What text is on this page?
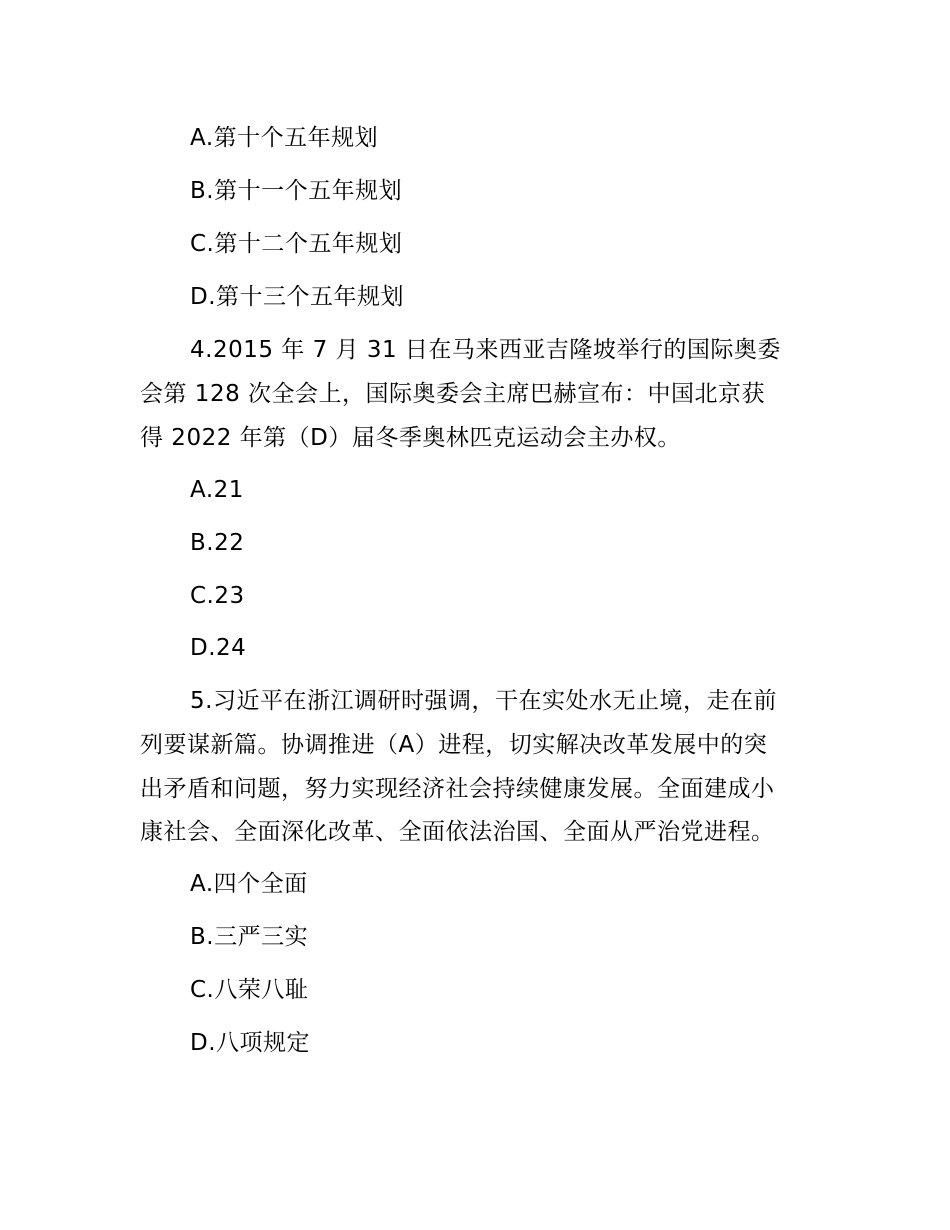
A.第十个五年规划
B.第十一个五年规划
C.第十二个五年规划
D.第十三个五年规划
4.2015 年 7 月 31 日在马来西亚吉隆坡举行的国际奥委
会第 128 次全会上，国际奥委会主席巴赫宣布：中国北京获
得 2022 年第（D）届冬季奥林匹克运动会主办权。
A.21
B.22
C.23
D.24
5.习近平在浙江调研时强调，干在实处水无止境，走在前
列要谋新篇。协调推进（A）进程，切实解决改革发展中的突
出矛盾和问题，努力实现经济社会持续健康发展。全面建成小
康社会、全面深化改革、全面依法治国、全面从严治党进程。
A.四个全面
B.三严三实
C.八荣八耻
D.八项规定
